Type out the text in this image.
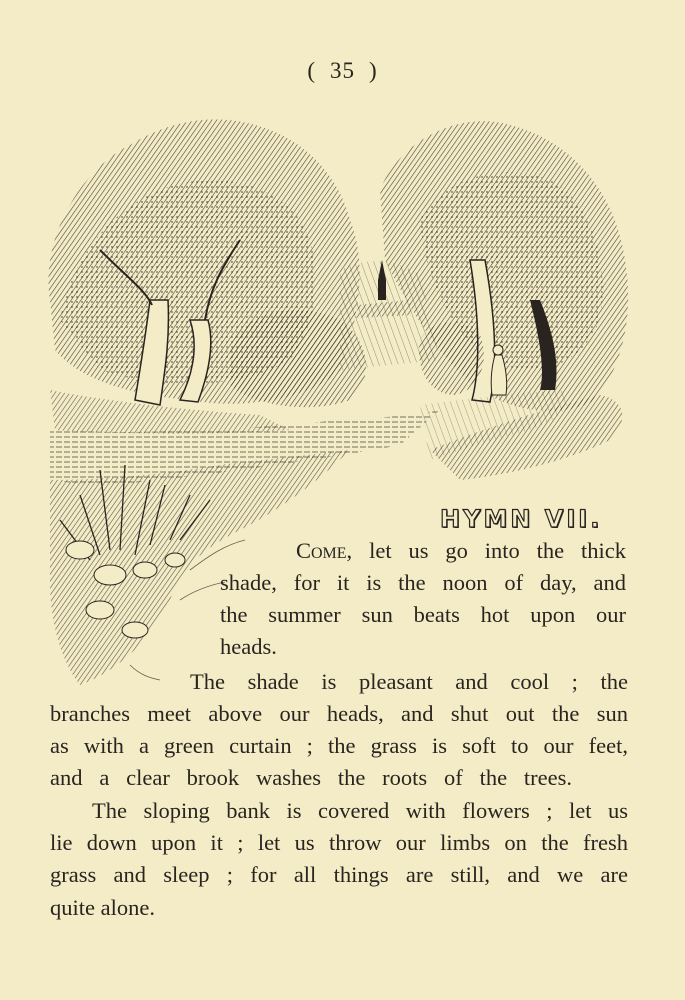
( 35 )
HYMN VII.
Come, let us go into the thick
shade, for it is the noon of day, and
the summer sun beats hot upon our
heads.
The shade is pleasant and cool ; the
branches meet above our heads, and shut out the sun
as with a green curtain ; the grass is soft to our feet,
and a clear brook washes the roots of the trees.
The sloping bank is covered with flowers ; let us
lie down upon it ; let us throw our limbs on the fresh
grass and sleep ; for all things are still, and we are
quite alone.
